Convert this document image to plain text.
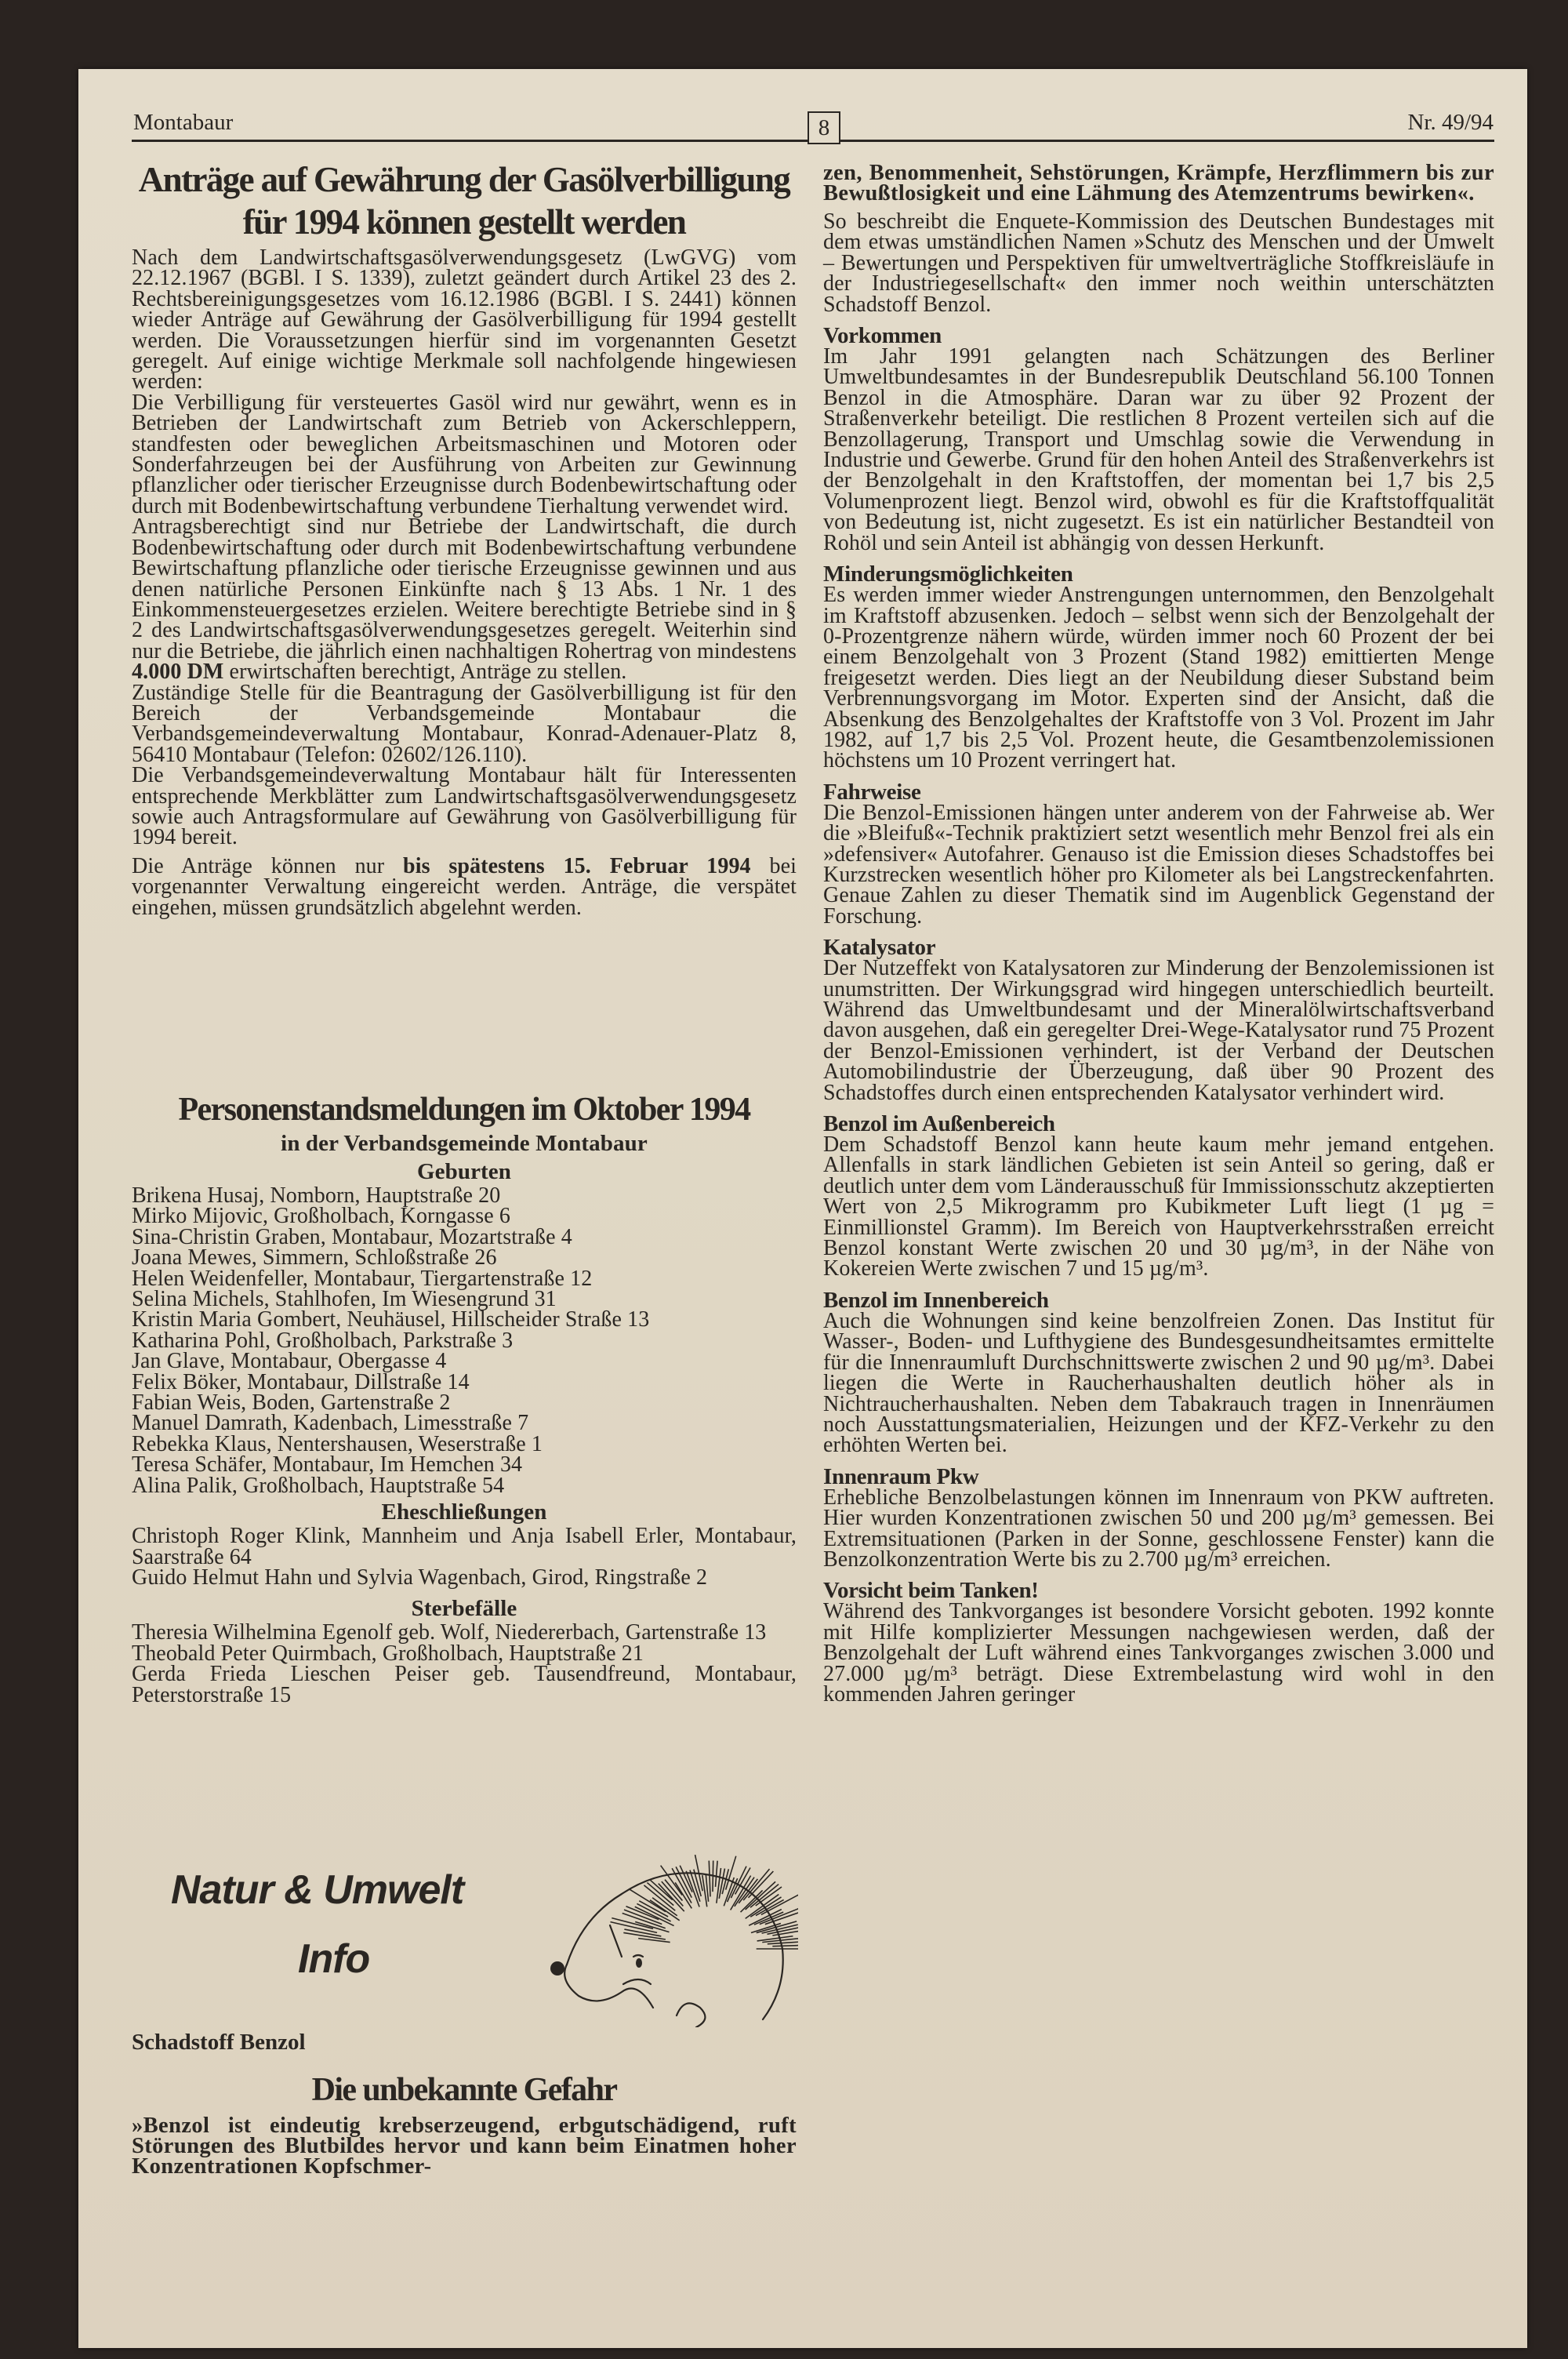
Montabaur	8	Nr. 49/94
Anträge auf Gewährung der Gasölverbilligung
für 1994 können gestellt werden

Nach dem Landwirtschaftsgasölverwendungsgesetz (LwGVG) vom 22.12.1967 (BGBl. I S. 1339), zuletzt geändert durch Artikel 23 des 2. Rechtsbereinigungsgesetzes vom 16.12.1986 (BGBl. I S. 2441) können wieder Anträge auf Gewährung der Gasölverbilligung für 1994 gestellt werden. Die Voraussetzungen hierfür sind im vorgenannten Gesetzt geregelt. Auf einige wichtige Merkmale soll nachfolgende hingewiesen werden:

Die Verbilligung für versteuertes Gasöl wird nur gewährt, wenn es in Betrieben der Landwirtschaft zum Betrieb von Ackerschleppern, standfesten oder beweglichen Arbeitsmaschinen und Motoren oder Sonderfahrzeugen bei der Ausführung von Arbeiten zur Gewinnung pflanzlicher oder tierischer Erzeugnisse durch Bodenbewirtschaftung oder durch mit Bodenbewirtschaftung verbundene Tierhaltung verwendet wird.

Antragsberechtigt sind nur Betriebe der Landwirtschaft, die durch Bodenbewirtschaftung oder durch mit Bodenbewirtschaftung verbundene Bewirtschaftung pflanzliche oder tierische Erzeugnisse gewinnen und aus denen natürliche Personen Einkünfte nach § 13 Abs. 1 Nr. 1 des Einkommensteuergesetzes erzielen. Weitere berechtigte Betriebe sind in § 2 des Landwirtschaftsgasölverwendungsgesetzes geregelt. Weiterhin sind nur die Betriebe, die jährlich einen nachhaltigen Rohertrag von mindestens 4.000 DM erwirtschaften berechtigt, Anträge zu stellen.

Zuständige Stelle für die Beantragung der Gasölverbilligung ist für den Bereich der Verbandsgemeinde Montabaur die Verbandsgemeindeverwaltung Montabaur, Konrad-Adenauer-Platz 8, 56410 Montabaur (Telefon: 02602/126.110).

Die Verbandsgemeindeverwaltung Montabaur hält für Interessenten entsprechende Merkblätter zum Landwirtschaftsgasölverwendungsgesetz sowie auch Antragsformulare auf Gewährung von Gasölverbilligung für 1994 bereit.

Die Anträge können nur bis spätestens 15. Februar 1994 bei vorgenannter Verwaltung eingereicht werden. Anträge, die verspätet eingehen, müssen grundsätzlich abgelehnt werden.

Personenstandsmeldungen im Oktober 1994
in der Verbandsgemeinde Montabaur
Geburten
Brikena Husaj, Nomborn, Hauptstraße 20
Mirko Mijovic, Großholbach, Korngasse 6
Sina-Christin Graben, Montabaur, Mozartstraße 4
Joana Mewes, Simmern, Schloßstraße 26
Helen Weidenfeller, Montabaur, Tiergartenstraße 12
Selina Michels, Stahlhofen, Im Wiesengrund 31
Kristin Maria Gombert, Neuhäusel, Hillscheider Straße 13
Katharina Pohl, Großholbach, Parkstraße 3
Jan Glave, Montabaur, Obergasse 4
Felix Böker, Montabaur, Dillstraße 14
Fabian Weis, Boden, Gartenstraße 2
Manuel Damrath, Kadenbach, Limesstraße 7
Rebekka Klaus, Nentershausen, Weserstraße 1
Teresa Schäfer, Montabaur, Im Hemchen 34
Alina Palik, Großholbach, Hauptstraße 54
Eheschließungen
Christoph Roger Klink, Mannheim und Anja Isabell Erler, Montabaur, Saarstraße 64
Guido Helmut Hahn und Sylvia Wagenbach, Girod, Ringstraße 2
Sterbefälle
Theresia Wilhelmina Egenolf geb. Wolf, Niedererbach, Gartenstraße 13
Theobald Peter Quirmbach, Großholbach, Hauptstraße 21
Gerda Frieda Lieschen Peiser geb. Tausendfreund, Montabaur, Peterstorstraße 15
Natur & Umwelt
Info
Schadstoff Benzol
Die unbekannte Gefahr

»Benzol ist eindeutig krebserzeugend, erbgutschädigend, ruft Störungen des Blutbildes hervor und kann beim Einatmen hoher Konzentrationen Kopfschmer-

zen, Benommenheit, Sehstörungen, Krämpfe, Herzflimmern bis zur Bewußtlosigkeit und eine Lähmung des Atemzentrums bewirken«.

So beschreibt die Enquete-Kommission des Deutschen Bundestages mit dem etwas umständlichen Namen »Schutz des Menschen und der Umwelt – Bewertungen und Perspektiven für umweltverträgliche Stoffkreisläufe in der Industriegesellschaft« den immer noch weithin unterschätzten Schadstoff Benzol.

Vorkommen

Im Jahr 1991 gelangten nach Schätzungen des Berliner Umweltbundesamtes in der Bundesrepublik Deutschland 56.100 Tonnen Benzol in die Atmosphäre. Daran war zu über 92 Prozent der Straßenverkehr beteiligt. Die restlichen 8 Prozent verteilen sich auf die Benzollagerung, Transport und Umschlag sowie die Verwendung in Industrie und Gewerbe. Grund für den hohen Anteil des Straßenverkehrs ist der Benzolgehalt in den Kraftstoffen, der momentan bei 1,7 bis 2,5 Volumenprozent liegt. Benzol wird, obwohl es für die Kraftstoffqualität von Bedeutung ist, nicht zugesetzt. Es ist ein natürlicher Bestandteil von Rohöl und sein Anteil ist abhängig von dessen Herkunft.

Minderungsmöglichkeiten

Es werden immer wieder Anstrengungen unternommen, den Benzolgehalt im Kraftstoff abzusenken. Jedoch – selbst wenn sich der Benzolgehalt der 0-Prozentgrenze nähern würde, würden immer noch 60 Prozent der bei einem Benzolgehalt von 3 Prozent (Stand 1982) emittierten Menge freigesetzt werden. Dies liegt an der Neubildung dieser Substand beim Verbrennungsvorgang im Motor. Experten sind der Ansicht, daß die Absenkung des Benzolgehaltes der Kraftstoffe von 3 Vol. Prozent im Jahr 1982, auf 1,7 bis 2,5 Vol. Prozent heute, die Gesamtbenzolemissionen höchstens um 10 Prozent verringert hat.

Fahrweise

Die Benzol-Emissionen hängen unter anderem von der Fahrweise ab. Wer die »Bleifuß«-Technik praktiziert setzt wesentlich mehr Benzol frei als ein »defensiver« Autofahrer. Genauso ist die Emission dieses Schadstoffes bei Kurzstrecken wesentlich höher pro Kilometer als bei Langstreckenfahrten. Genaue Zahlen zu dieser Thematik sind im Augenblick Gegenstand der Forschung.

Katalysator

Der Nutzeffekt von Katalysatoren zur Minderung der Benzolemissionen ist unumstritten. Der Wirkungsgrad wird hingegen unterschiedlich beurteilt. Während das Umweltbundesamt und der Mineralölwirtschaftsverband davon ausgehen, daß ein geregelter Drei-Wege-Katalysator rund 75 Prozent der Benzol-Emissionen verhindert, ist der Verband der Deutschen Automobilindustrie der Überzeugung, daß über 90 Prozent des Schadstoffes durch einen entsprechenden Katalysator verhindert wird.

Benzol im Außenbereich

Dem Schadstoff Benzol kann heute kaum mehr jemand entgehen. Allenfalls in stark ländlichen Gebieten ist sein Anteil so gering, daß er deutlich unter dem vom Länderausschuß für Immissionsschutz akzeptierten Wert von 2,5 Mikrogramm pro Kubikmeter Luft liegt (1 µg = Einmillionstel Gramm). Im Bereich von Hauptverkehrsstraßen erreicht Benzol konstant Werte zwischen 20 und 30 µg/m³, in der Nähe von Kokereien Werte zwischen 7 und 15 µg/m³.

Benzol im Innenbereich

Auch die Wohnungen sind keine benzolfreien Zonen. Das Institut für Wasser-, Boden- und Lufthygiene des Bundesgesundheitsamtes ermittelte für die Innenraumluft Durchschnittswerte zwischen 2 und 90 µg/m³. Dabei liegen die Werte in Raucherhaushalten deutlich höher als in Nichtraucherhaushalten. Neben dem Tabakrauch tragen in Innenräumen noch Ausstattungsmaterialien, Heizungen und der KFZ-Verkehr zu den erhöhten Werten bei.

Innenraum Pkw

Erhebliche Benzolbelastungen können im Innenraum von PKW auftreten. Hier wurden Konzentrationen zwischen 50 und 200 µg/m³ gemessen. Bei Extremsituationen (Parken in der Sonne, geschlossene Fenster) kann die Benzolkonzentration Werte bis zu 2.700 µg/m³ erreichen.

Vorsicht beim Tanken!

Während des Tankvorganges ist besondere Vorsicht geboten. 1992 konnte mit Hilfe komplizierter Messungen nachgewiesen werden, daß der Benzolgehalt der Luft während eines Tankvorganges zwischen 3.000 und 27.000 µg/m³ beträgt. Diese Extrembelastung wird wohl in den kommenden Jahren geringer
